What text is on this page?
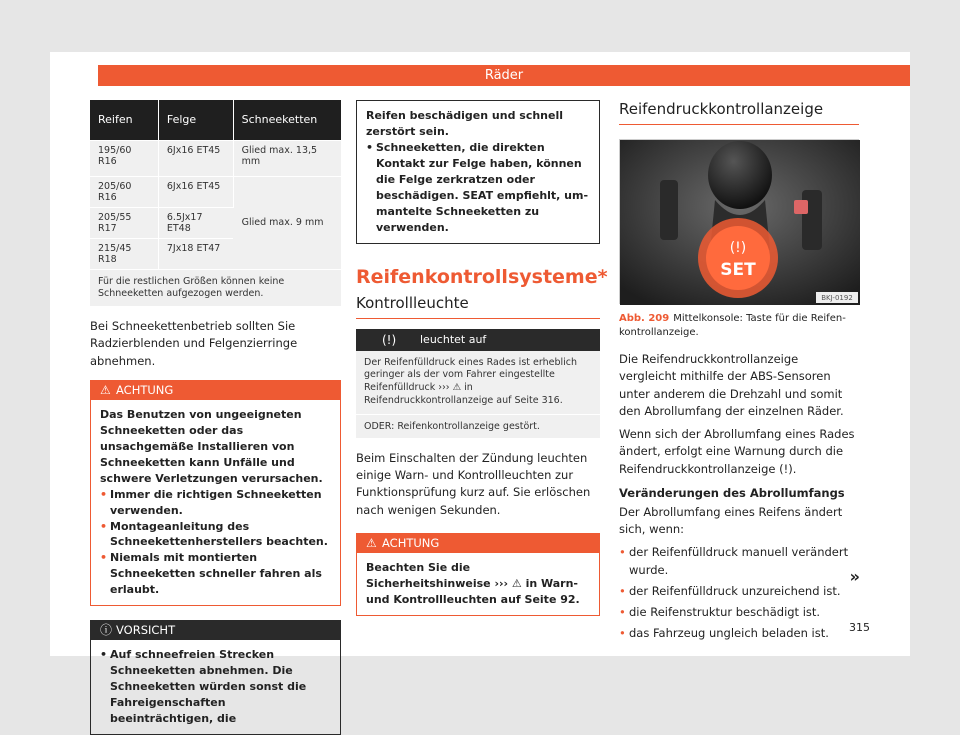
Räder
Reifen	Felge	Schneeketten
195/60 R16	6Jx16 ET45	Glied max. 13,5 mm
205/60 R16	6Jx16 ET45	Glied max. 9 mm
205/55 R17	6.5Jx17 ET48	
215/45 R18	7Jx18 ET47	
Für die restlichen Größen können keine Schneeketten aufgezogen werden.

Bei Schneekettenbetrieb sollten Sie Radzierblenden und Felgenzierringe abnehmen.

⚠ ACHTUNG

Das Benutzen von ungeeigneten Schneeketten oder das unsachgemäße Installieren von Schneeketten kann Unfälle und schwere Verletzungen verursachen.

• Immer die richtigen Schneeketten verwenden.

• Montageanleitung des Schneekettenherstellers beachten.

• Niemals mit montierten Schneeketten schneller fahren als erlaubt.

ⓘ VORSICHT

• Auf schneefreien Strecken Schneeketten abnehmen. Die Schneeketten würden sonst die Fahreigenschaften beeinträchtigen, die

Reifen beschädigen und schnell zerstört sein.

• Schneeketten, die direkten Kontakt zur Felge haben, können die Felge zerkratzen oder beschädigen. SEAT empfiehlt, ummantelte Schneeketten zu verwenden.

Reifenkontrollsysteme*
Kontrollleuchte
(!) leuchtet auf
Der Reifenfülldruck eines Rades ist erheblich geringer als der vom Fahrer eingestellte Reifenfülldruck ››› ⚠ in Reifendruckkontrollanzeige auf Seite 316.
ODER: Reifenkontrollanzeige gestört.

Beim Einschalten der Zündung leuchten einige Warn- und Kontrollleuchten zur Funktionsprüfung kurz auf. Sie erlöschen nach wenigen Sekunden.

⚠ ACHTUNG
Beachten Sie die Sicherheitshinweise ››› ⚠ in Warn- und Kontrollleuchten auf Seite 92.
Reifendruckkontrollanzeige
(!)
SET
BKJ-0192

Abb. 209 Mittelkonsole: Taste für die Reifenkontrollanzeige.

Die Reifendruckkontrollanzeige vergleicht mithilfe der ABS-Sensoren unter anderem die Drehzahl und somit den Abrollumfang der einzelnen Räder.

Wenn sich der Abrollumfang eines Rades ändert, erfolgt eine Warnung durch die Reifendruckkontrollanzeige (!).

Veränderungen des Abrollumfangs

Der Abrollumfang eines Reifens ändert sich, wenn:

• der Reifenfülldruck manuell verändert wurde.

• der Reifenfülldruck unzureichend ist.

• die Reifenstruktur beschädigt ist.

• das Fahrzeug ungleich beladen ist.

»
315
